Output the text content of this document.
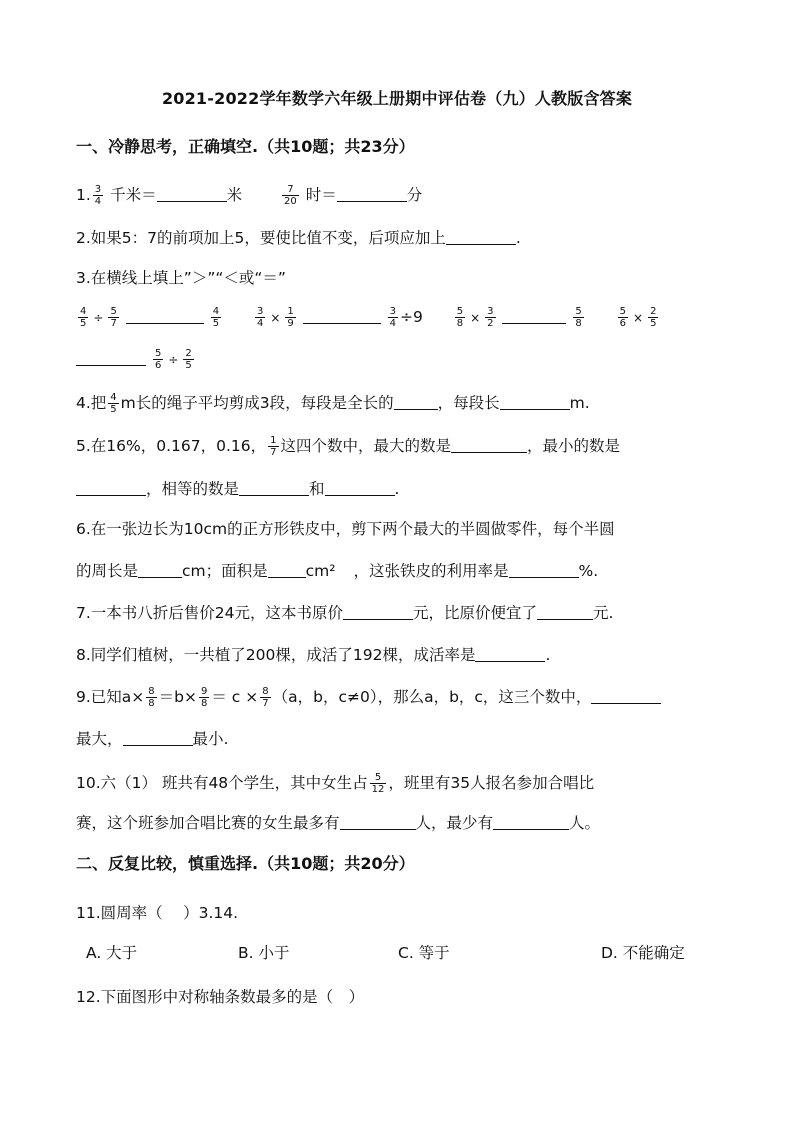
2021-2022学年数学六年级上册期中评估卷（九）人教版含答案
一、冷静思考，正确填空.（共10题；共23分）
1. $\frac{3}{4}$ 千米＝	米	$\frac{7}{20}$ 时＝	分
2.如果5：7的前项加上5，要使比值不变，后项应加上	.
3.在横线上填上”＞”“＜或“＝”
$\frac{4}{5} \div \frac{5}{7}$
	$\frac{4}{5}$
	$\frac{3}{4} \times \frac{1}{9}$
	$\frac{3}{4} \div 9$	$\frac{5}{8} \times \frac{3}{2}$
	$\frac{5}{8}$
	$\frac{5}{6} \times \frac{2}{5}$

$\frac{5}{6} \div \frac{2}{5}$
4.把 $\frac{4}{5}$ m长的绳子平均剪成3段，每段是全长的	，每段长	m.
5.在16%，0.167，0.16， $\frac{1}{7}$ 这四个数中，最大的数是	，最小的数是
，相等的数是	和	.
6.在一张边长为10cm的正方形铁皮中，剪下两个最大的半圆做零件，每个半圆
的周长是	cm；面积是 cm² ，这张铁皮的利用率是	%.
7.一本书八折后售价24元，这本书原价	元，比原价便宜了	元.
8.同学们植树，一共植了200棵，成活了192棵，成活率是	.
9.已知$a\times \frac{8}{8} =b\times \frac{9}{8} = c \times \frac{8}{7} (a$，b，c≠0），那么a，b，c，这三个数中，
最大，	最小.
10.六（1） 班共有48个学生，其中女生占 $\frac{5}{12}$ ，班里有35人报名参加合唱比
赛，这个班参加合唱比赛的女生最多有	人，最少有	人。
二、反复比较，慎重选择.（共10题；共20分）
11.圆周率（　 ）3.14.
A. 大于	B. 小于	C. 等于	D. 不能确定
12.下面图形中对称轴条数最多的是（　）
